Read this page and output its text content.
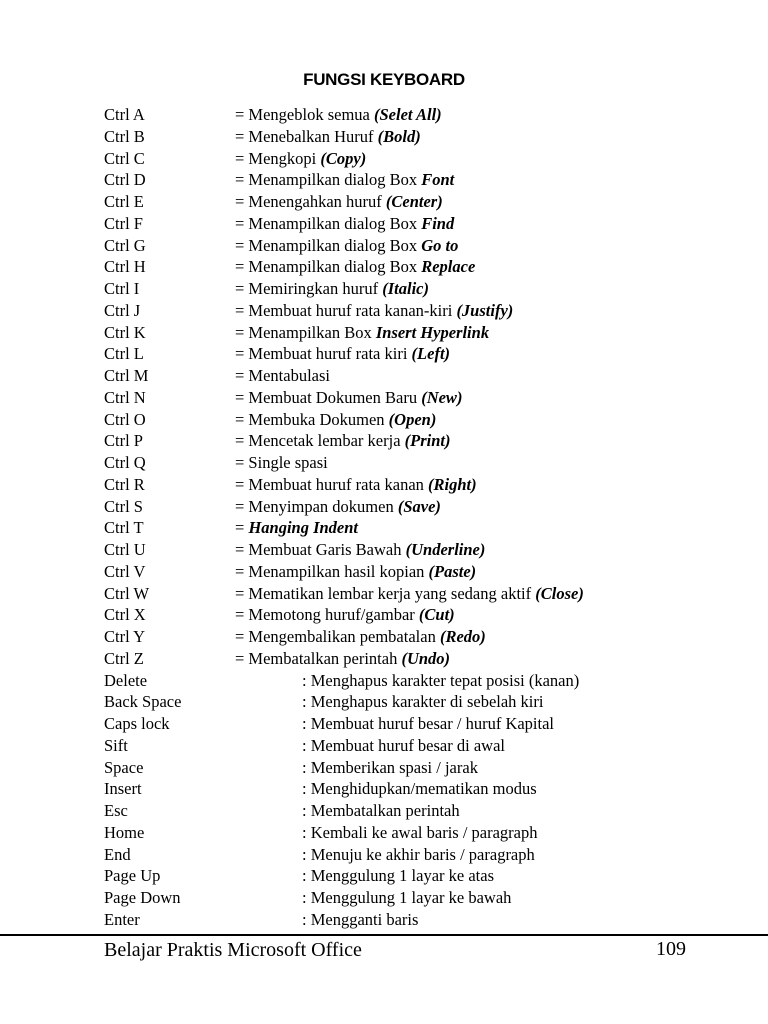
FUNGSI KEYBOARD
Ctrl A	= Mengeblok semua (Selet All)
Ctrl B	= Menebalkan Huruf (Bold)
Ctrl C	= Mengkopi (Copy)
Ctrl D	= Menampilkan dialog Box Font
Ctrl E	= Menengahkan huruf (Center)
Ctrl F	= Menampilkan dialog Box Find
Ctrl G	= Menampilkan dialog Box Go to
Ctrl H	= Menampilkan dialog Box Replace
Ctrl I	= Memiringkan huruf (Italic)
Ctrl J	= Membuat huruf rata kanan-kiri (Justify)
Ctrl K	= Menampilkan Box Insert Hyperlink
Ctrl L	= Membuat huruf rata kiri (Left)
Ctrl M	= Mentabulasi
Ctrl N	= Membuat Dokumen Baru (New)
Ctrl O	= Membuka Dokumen (Open)
Ctrl P	= Mencetak lembar kerja (Print)
Ctrl Q	= Single spasi
Ctrl R	= Membuat huruf rata kanan (Right)
Ctrl S	= Menyimpan dokumen (Save)
Ctrl T	= Hanging Indent
Ctrl U	= Membuat Garis Bawah (Underline)
Ctrl V	= Menampilkan hasil kopian (Paste)
Ctrl W	= Mematikan lembar kerja yang sedang aktif (Close)
Ctrl X	= Memotong huruf/gambar (Cut)
Ctrl Y	= Mengembalikan pembatalan (Redo)
Ctrl Z	= Membatalkan perintah (Undo)
Delete	: Menghapus karakter tepat posisi (kanan)
Back Space	: Menghapus karakter di sebelah kiri
Caps lock	: Membuat huruf besar / huruf Kapital
Sift	: Membuat huruf besar di awal
Space	: Memberikan spasi / jarak
Insert	: Menghidupkan/mematikan modus
Esc	: Membatalkan perintah
Home	: Kembali ke awal baris / paragraph
End	: Menuju ke akhir baris / paragraph
Page Up	: Menggulung 1 layar ke atas
Page Down	: Menggulung 1 layar ke bawah
Enter	: Mengganti baris
Belajar Praktis Microsoft Office	109
